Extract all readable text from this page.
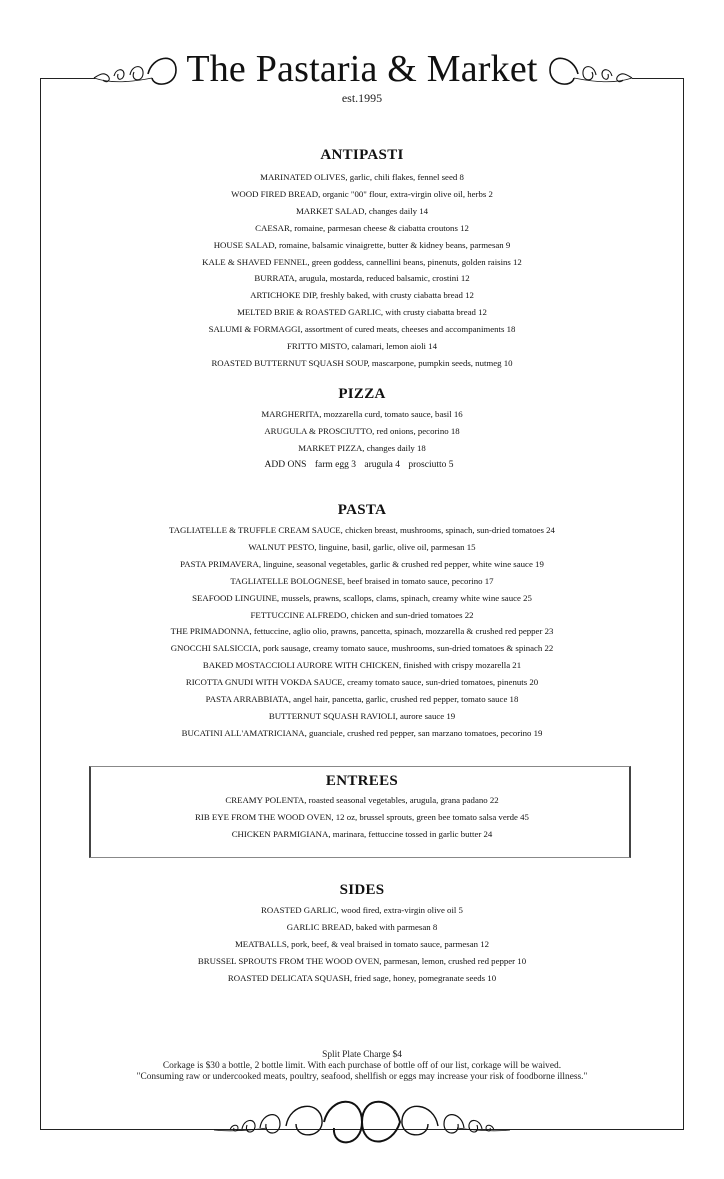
The Pastaria & Market
est.1995
ANTIPASTI
MARINATED OLIVES, garlic, chili flakes, fennel seed 8
WOOD FIRED BREAD, organic "00" flour, extra-virgin olive oil, herbs 2
MARKET SALAD, changes daily 14
CAESAR, romaine, parmesan cheese & ciabatta croutons 12
HOUSE SALAD, romaine, balsamic vinaigrette, butter & kidney beans, parmesan 9
KALE & SHAVED FENNEL, green goddess, cannellini beans, pinenuts, golden raisins 12
BURRATA, arugula, mostarda, reduced balsamic, crostini 12
ARTICHOKE DIP, freshly baked, with crusty ciabatta bread 12
MELTED BRIE & ROASTED GARLIC, with crusty ciabatta bread 12
SALUMI & FORMAGGI, assortment of cured meats, cheeses and accompaniments 18
FRITTO MISTO, calamari, lemon aioli 14
ROASTED BUTTERNUT SQUASH SOUP, mascarpone, pumpkin seeds, nutmeg 10
PIZZA
MARGHERITA, mozzarella curd, tomato sauce, basil 16
ARUGULA & PROSCIUTTO, red onions, pecorino 18
MARKET PIZZA, changes daily 18
ADD ONS farm egg 3 arugula 4 prosciutto 5
PASTA
TAGLIATELLE & TRUFFLE CREAM SAUCE, chicken breast, mushrooms, spinach, sun-dried tomatoes 24
WALNUT PESTO, linguine, basil, garlic, olive oil, parmesan 15
PASTA PRIMAVERA, linguine, seasonal vegetables, garlic & crushed red pepper, white wine sauce 19
TAGLIATELLE BOLOGNESE, beef braised in tomato sauce, pecorino 17
SEAFOOD LINGUINE, mussels, prawns, scallops, clams, spinach, creamy white wine sauce 25
FETTUCCINE ALFREDO, chicken and sun-dried tomatoes 22
THE PRIMADONNA, fettuccine, aglio olio, prawns, pancetta, spinach, mozzarella & crushed red pepper 23
GNOCCHI SALSICCIA, pork sausage, creamy tomato sauce, mushrooms, sun-dried tomatoes & spinach 22
BAKED MOSTACCIOLI AURORE WITH CHICKEN, finished with crispy mozarella 21
RICOTTA GNUDI WITH VOKDA SAUCE, creamy tomato sauce, sun-dried tomatoes, pinenuts 20
PASTA ARRABBIATA, angel hair, pancetta, garlic, crushed red pepper, tomato sauce 18
BUTTERNUT SQUASH RAVIOLI, aurore sauce 19
BUCATINI ALL'AMATRICIANA, guanciale, crushed red pepper, san marzano tomatoes, pecorino 19
ENTREES
CREAMY POLENTA, roasted seasonal vegetables, arugula, grana padano 22
RIB EYE FROM THE WOOD OVEN, 12 oz, brussel sprouts, green bee tomato salsa verde 45
CHICKEN PARMIGIANA, marinara, fettuccine tossed in garlic butter 24
SIDES
ROASTED GARLIC, wood fired, extra-virgin olive oil 5
GARLIC BREAD, baked with parmesan 8
MEATBALLS, pork, beef, & veal braised in tomato sauce, parmesan 12
BRUSSEL SPROUTS FROM THE WOOD OVEN, parmesan, lemon, crushed red pepper 10
ROASTED DELICATA SQUASH, fried sage, honey, pomegranate seeds 10
Split Plate Charge $4
Corkage is $30 a bottle, 2 bottle limit. With each purchase of bottle off of our list, corkage will be waived.
"Consuming raw or undercooked meats, poultry, seafood, shellfish or eggs may increase your risk of foodborne illness."
